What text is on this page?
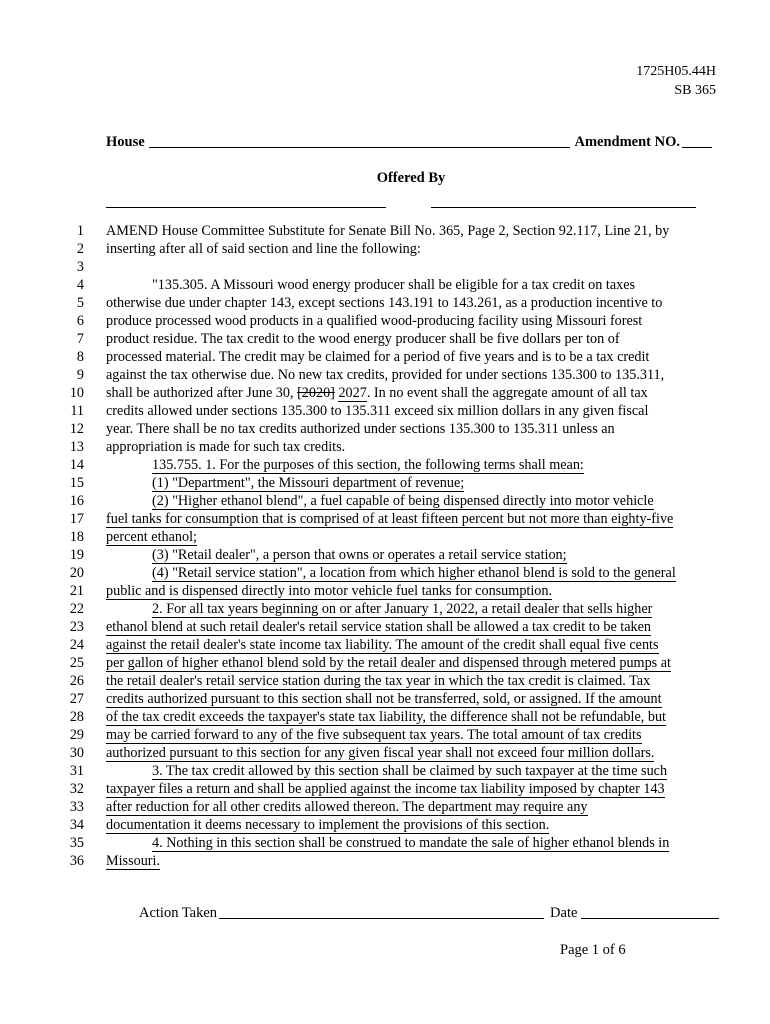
1725H05.44H
SB 365
House	Amendment NO.
Offered By
1 AMEND House Committee Substitute for Senate Bill No. 365, Page 2, Section 92.117, Line 21, by
2 inserting after all of said section and line the following:
3
4	"135.305. A Missouri wood energy producer shall be eligible for a tax credit on taxes
5 otherwise due under chapter 143, except sections 143.191 to 143.261, as a production incentive to
6 produce processed wood products in a qualified wood-producing facility using Missouri forest
7 product residue. The tax credit to the wood energy producer shall be five dollars per ton of
8 processed material. The credit may be claimed for a period of five years and is to be a tax credit
9 against the tax otherwise due. No new tax credits, provided for under sections 135.300 to 135.311,
10 shall be authorized after June 30, [2020] 2027. In no event shall the aggregate amount of all tax
11 credits allowed under sections 135.300 to 135.311 exceed six million dollars in any given fiscal
12 year. There shall be no tax credits authorized under sections 135.300 to 135.311 unless an
13 appropriation is made for such tax credits.
14	135.755. 1. For the purposes of this section, the following terms shall mean:
15	(1) "Department", the Missouri department of revenue;
16	(2) "Higher ethanol blend", a fuel capable of being dispensed directly into motor vehicle
17 fuel tanks for consumption that is comprised of at least fifteen percent but not more than eighty-five
18 percent ethanol;
19	(3) "Retail dealer", a person that owns or operates a retail service station;
20	(4) "Retail service station", a location from which higher ethanol blend is sold to the general
21 public and is dispensed directly into motor vehicle fuel tanks for consumption.
22	2. For all tax years beginning on or after January 1, 2022, a retail dealer that sells higher
23 ethanol blend at such retail dealer's retail service station shall be allowed a tax credit to be taken
24 against the retail dealer's state income tax liability. The amount of the credit shall equal five cents
25 per gallon of higher ethanol blend sold by the retail dealer and dispensed through metered pumps at
26 the retail dealer's retail service station during the tax year in which the tax credit is claimed. Tax
27 credits authorized pursuant to this section shall not be transferred, sold, or assigned. If the amount
28 of the tax credit exceeds the taxpayer's state tax liability, the difference shall not be refundable, but
29 may be carried forward to any of the five subsequent tax years. The total amount of tax credits
30 authorized pursuant to this section for any given fiscal year shall not exceed four million dollars.
31	3. The tax credit allowed by this section shall be claimed by such taxpayer at the time such
32 taxpayer files a return and shall be applied against the income tax liability imposed by chapter 143
33 after reduction for all other credits allowed thereon. The department may require any
34 documentation it deems necessary to implement the provisions of this section.
35	4. Nothing in this section shall be construed to mandate the sale of higher ethanol blends in
36 Missouri.
Action Taken	Date
Page 1 of 6
